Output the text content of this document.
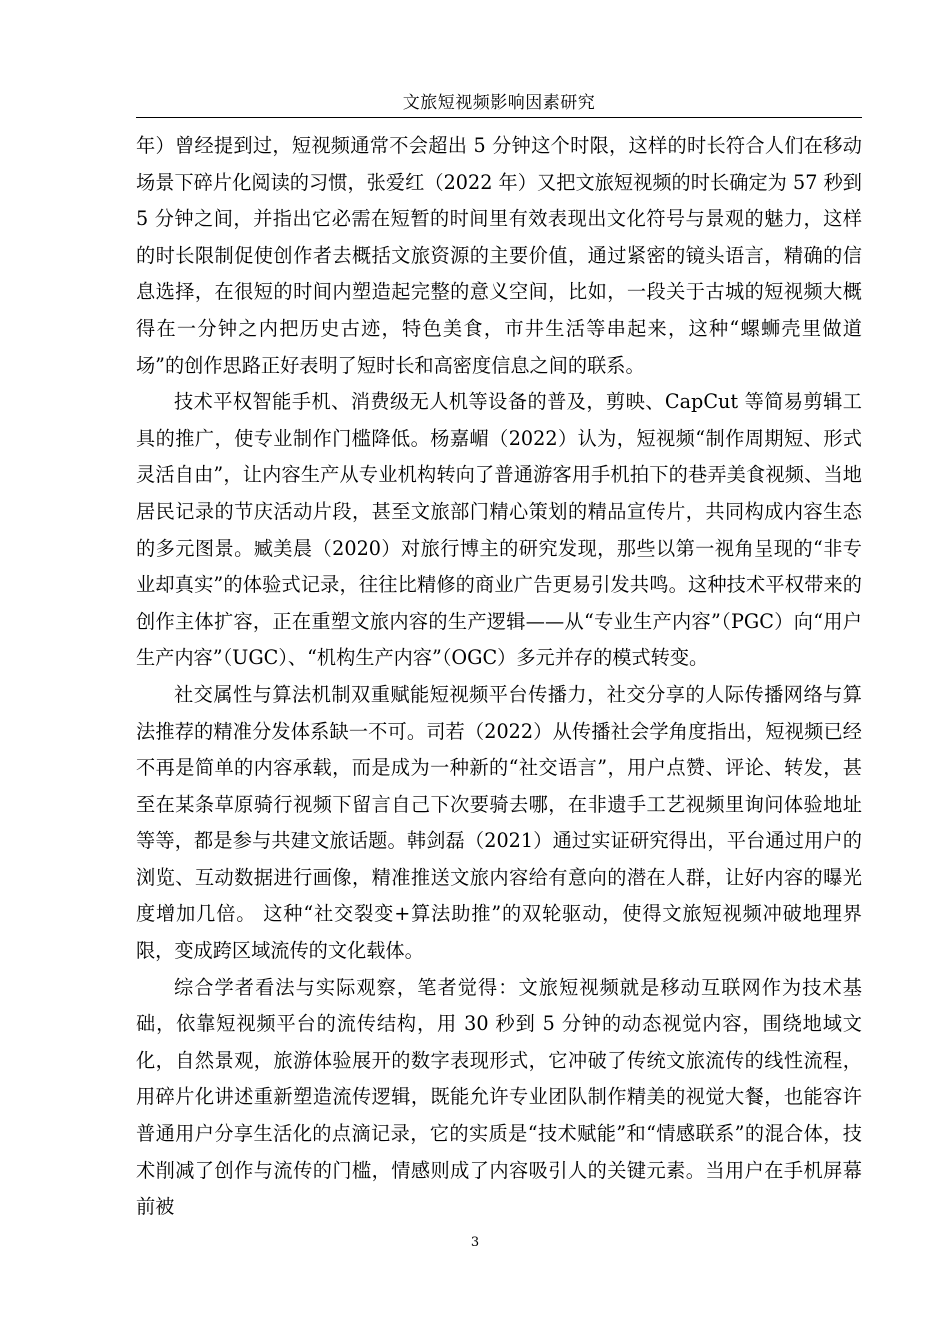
文旅短视频影响因素研究

年）曾经提到过，短视频通常不会超出 5 分钟这个时限，这样的时长符合人们在移动场景下碎片化阅读的习惯，张爱红（2022 年）又把文旅短视频的时长确定为 57 秒到 5 分钟之间，并指出它必需在短暂的时间里有效表现出文化符号与景观的魅力，这样的时长限制促使创作者去概括文旅资源的主要价值，通过紧密的镜头语言，精确的信息选择，在很短的时间内塑造起完整的意义空间，比如，一段关于古城的短视频大概得在一分钟之内把历史古迹，特色美食，市井生活等串起来，这种“螺蛳壳里做道场”的创作思路正好表明了短时长和高密度信息之间的联系。

技术平权智能手机、消费级无人机等设备的普及，剪映、CapCut 等简易剪辑工具的推广，使专业制作门槛降低。杨嘉嵋（2022）认为，短视频“制作周期短、形式灵活自由”，让内容生产从专业机构转向了普通游客用手机拍下的巷弄美食视频、当地居民记录的节庆活动片段，甚至文旅部门精心策划的精品宣传片，共同构成内容生态的多元图景。臧美晨（2020）对旅行博主的研究发现，那些以第一视角呈现的“非专业却真实”的体验式记录，往往比精修的商业广告更易引发共鸣。这种技术平权带来的创作主体扩容，正在重塑文旅内容的生产逻辑——从“专业生产内容”（PGC）向“用户生产内容”（UGC）、“机构生产内容”（OGC）多元并存的模式转变。

社交属性与算法机制双重赋能短视频平台传播力，社交分享的人际传播网络与算法推荐的精准分发体系缺一不可。司若（2022）从传播社会学角度指出，短视频已经不再是简单的内容承载，而是成为一种新的“社交语言”，用户点赞、评论、转发，甚至在某条草原骑行视频下留言自己下次要骑去哪，在非遗手工艺视频里询问体验地址等等，都是参与共建文旅话题。韩剑磊（2021）通过实证研究得出，平台通过用户的浏览、互动数据进行画像，精准推送文旅内容给有意向的潜在人群，让好内容的曝光度增加几倍。 这种“社交裂变+算法助推”的双轮驱动，使得文旅短视频冲破地理界限，变成跨区域流传的文化载体。

综合学者看法与实际观察，笔者觉得：文旅短视频就是移动互联网作为技术基础，依靠短视频平台的流传结构，用 30 秒到 5 分钟的动态视觉内容，围绕地域文化，自然景观，旅游体验展开的数字表现形式，它冲破了传统文旅流传的线性流程，用碎片化讲述重新塑造流传逻辑，既能允许专业团队制作精美的视觉大餐，也能容许普通用户分享生活化的点滴记录，它的实质是“技术赋能”和“情感联系”的混合体，技术削减了创作与流传的门槛，情感则成了内容吸引人的关键元素。当用户在手机屏幕前被

3
